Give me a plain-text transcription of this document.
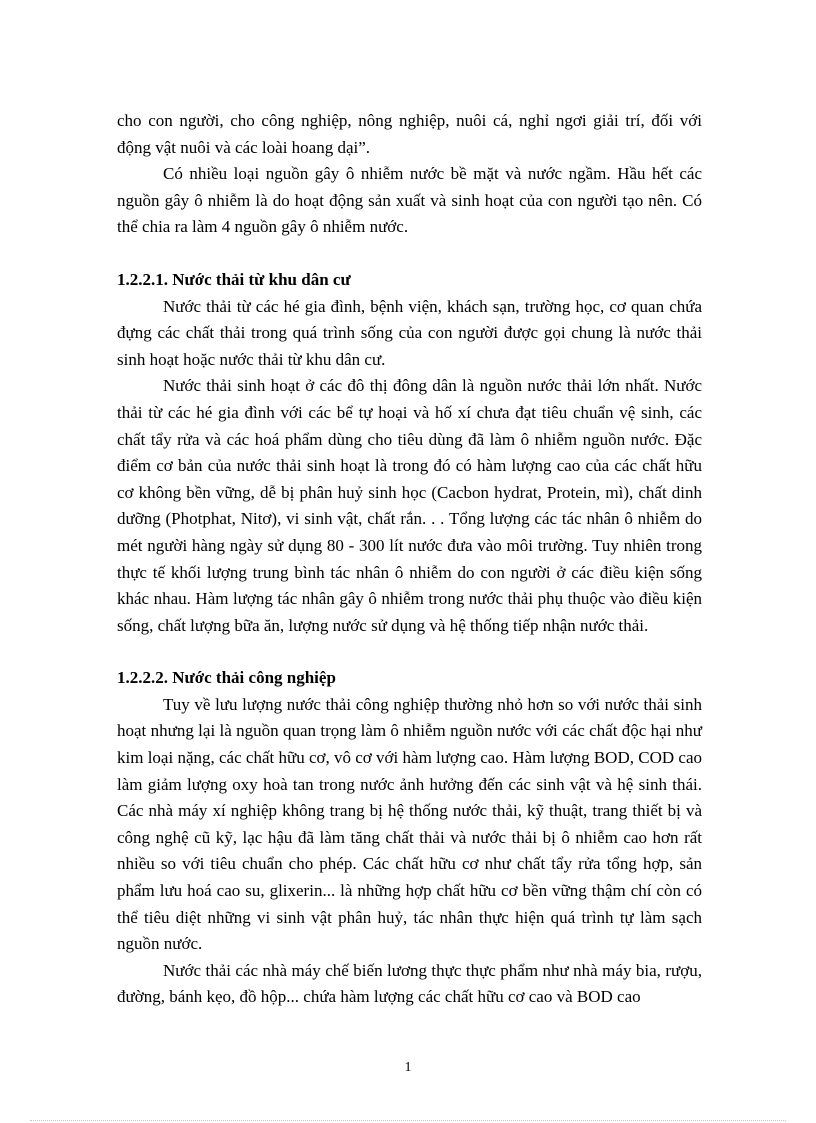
cho con người, cho công nghiệp, nông nghiệp, nuôi cá, nghỉ ngơi giải trí, đối với động vật nuôi và các loài hoang dại”.

Có nhiều loại nguồn gây ô nhiễm nước bề mặt và nước ngầm. Hầu hết các nguồn gây ô nhiễm là do hoạt động sản xuất và sinh hoạt của con người tạo nên. Có thể chia ra làm 4 nguồn gây ô nhiễm nước.

1.2.2.1. Nước thải từ khu dân cư

Nước thải từ các hé gia đình, bệnh viện, khách sạn, trường học, cơ quan chứa đựng các chất thải trong quá trình sống của con người được gọi chung là nước thải sinh hoạt hoặc nước thải từ khu dân cư.

Nước thải sinh hoạt ở các đô thị đông dân là nguồn nước thải lớn nhất. Nước thải từ các hé gia đình với các bể tự hoại và hố xí chưa đạt tiêu chuẩn vệ sinh, các chất tẩy rửa và các hoá phẩm dùng cho tiêu dùng đã làm ô nhiễm nguồn nước. Đặc điểm cơ bản của nước thải sinh hoạt là trong đó có hàm lượng cao của các chất hữu cơ không bền vững, dễ bị phân huỷ sinh học (Cacbon hydrat, Protein, mì), chất dinh dưỡng (Photphat, Nitơ), vi sinh vật, chất rắn. . . Tổng lượng các tác nhân ô nhiễm do mét người hàng ngày sử dụng 80 - 300 lít nước đưa vào môi trường. Tuy nhiên trong thực tế khối lượng trung bình tác nhân ô nhiễm do con người ở các điều kiện sống khác nhau. Hàm lượng tác nhân gây ô nhiễm trong nước thải phụ thuộc vào điều kiện sống, chất lượng bữa ăn, lượng nước sử dụng và hệ thống tiếp nhận nước thải.

1.2.2.2. Nước thải công nghiệp

Tuy về lưu lượng nước thải công nghiệp thường nhỏ hơn so với nước thải sinh hoạt nhưng lại là nguồn quan trọng làm ô nhiễm nguồn nước với các chất độc hại như kim loại nặng, các chất hữu cơ, vô cơ với hàm lượng cao. Hàm lượng BOD, COD cao làm giảm lượng oxy hoà tan trong nước ảnh hưởng đến các sinh vật và hệ sinh thái. Các nhà máy xí nghiệp không trang bị hệ thống nước thải, kỹ thuật, trang thiết bị và công nghệ cũ kỹ, lạc hậu đã làm tăng chất thải và nước thải bị ô nhiễm cao hơn rất nhiều so với tiêu chuẩn cho phép. Các chất hữu cơ như chất tẩy rửa tổng hợp, sản phẩm lưu hoá cao su, glixerin... là những hợp chất hữu cơ bền vững thậm chí còn có thể tiêu diệt những vi sinh vật phân huỷ, tác nhân thực hiện quá trình tự làm sạch nguồn nước.

Nước thải các nhà máy chế biến lương thực thực phẩm như nhà máy bia, rượu, đường, bánh kẹo, đồ hộp... chứa hàm lượng các chất hữu cơ cao và BOD cao

1
